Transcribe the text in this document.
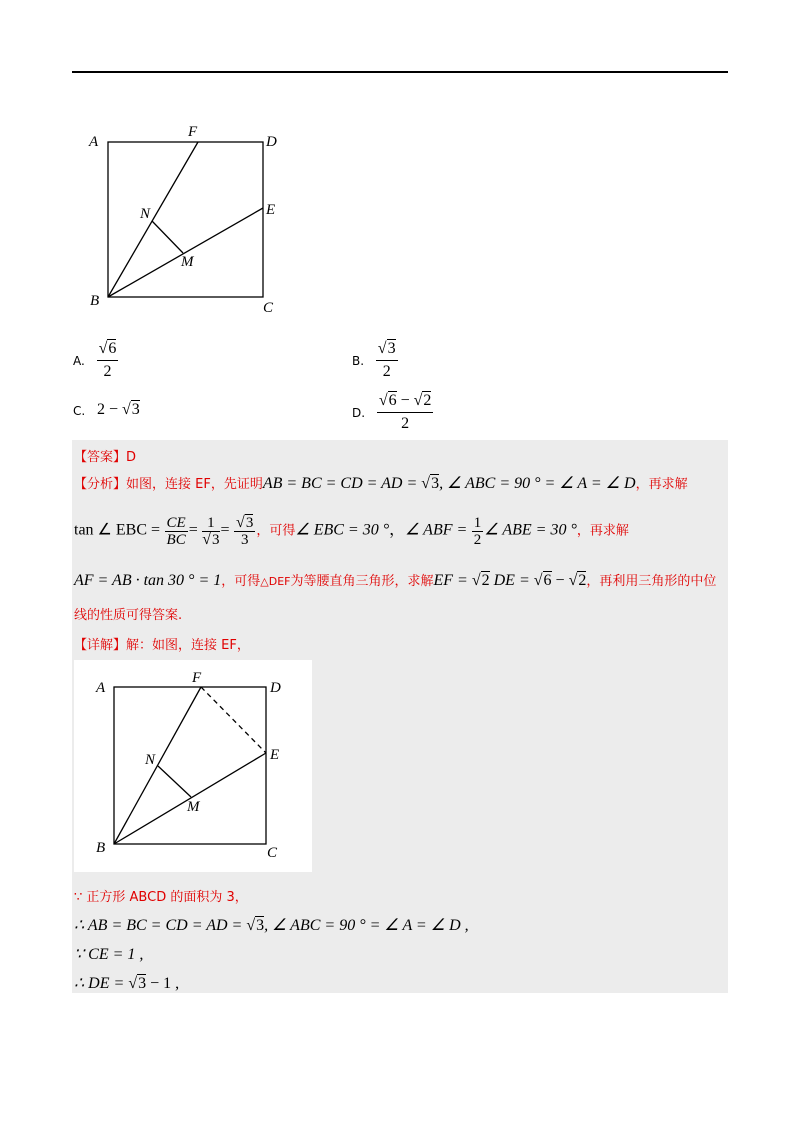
A
F
D
E
N
M
B	C
A. $\frac{√6}{2}$	B. $\frac{√3}{2}$
C. 2 − √3	D. $\frac{√6 - √2}{2}$
【答案】D
【分析】如图，连接 EF，先证明AB = BC = CD = AD = √3, ∠ ABC = 90 ° = ∠ A = ∠ D，再求解
tan ∠ EBC = $\frac{CE}{BC} = \frac{1}{√3} = \frac{√3}{3}$ ，可得∠ EBC = 30 °，∠ ABF = $\frac{1}{2}$ ∠ ABE = 30 °，再求解
AF = AB · tan 30 ° = 1，可得△DEF为等腰直角三角形，求解EF = √2 DE = √6 − √2，再利用三角形的中位
线的性质可得答案.
【详解】解：如图，连接 EF，
A
F
D
E
N
M
B	C
∵ 正方形 ABCD 的面积为 3，
∴ AB = BC = CD = AD = √3, ∠ ABC = 90 ° = ∠ A = ∠ D ,
∵ CE = 1 ,
∴ DE = √3 − 1 ,
